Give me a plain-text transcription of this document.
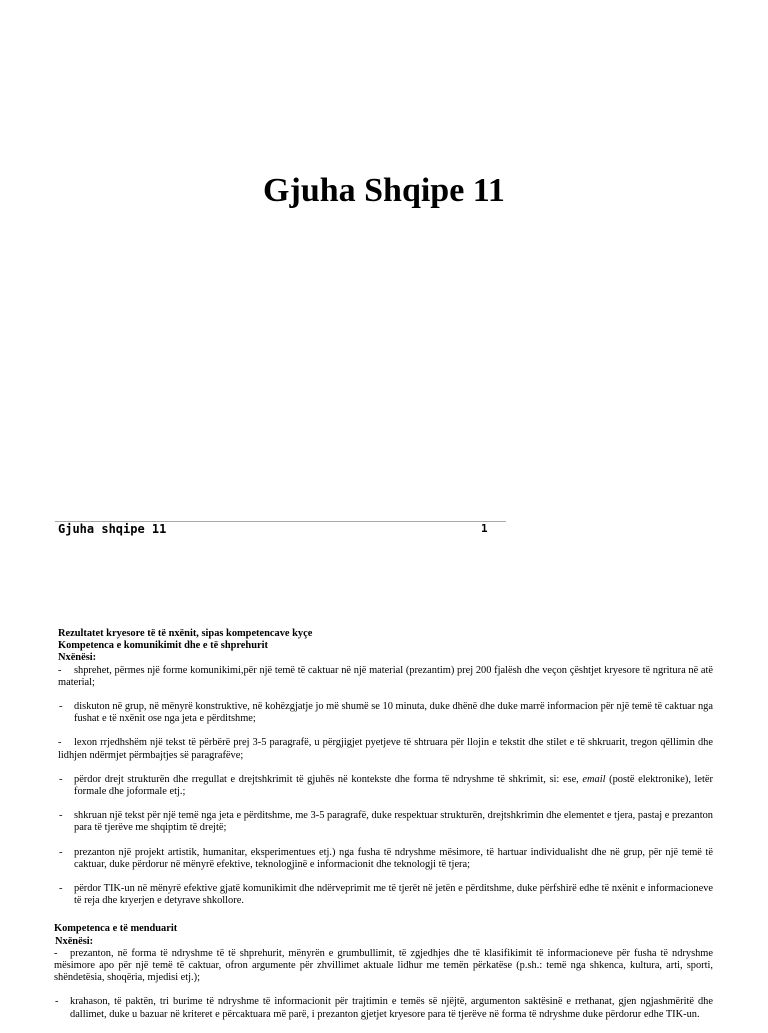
Gjuha Shqipe 11
Gjuha shqipe 11	1

Rezultatet kryesore të të nxënit, sipas kompetencave kyçe

Kompetenca e komunikimit dhe e të shprehurit

Nxënësi:

- shprehet, përmes një forme komunikimi,për një temë të caktuar në një material (prezantim) prej 200 fjalësh dhe veçon çështjet kryesore të ngritura në atë material;

- diskuton në grup, në mënyrë konstruktive, në kohëzgjatje jo më shumë se 10 minuta, duke dhënë dhe duke marrë informacion për një temë të caktuar nga fushat e të nxënit ose nga jeta e përditshme;

- lexon rrjedhshëm një tekst të përbërë prej 3-5 paragrafë, u përgjigjet pyetjeve të shtruara për llojin e tekstit dhe stilet e të shkruarit, tregon qëllimin dhe lidhjen ndërmjet përmbajtjes së paragrafëve;

- përdor drejt strukturën dhe rregullat e drejtshkrimit të gjuhës në kontekste dhe forma të ndryshme të shkrimit, si: ese, email (postë elektronike), letër formale dhe joformale etj.;

- shkruan një tekst për një temë nga jeta e përditshme, me 3-5 paragrafë, duke respektuar strukturën, drejtshkrimin dhe elementet e tjera, pastaj e prezanton para të tjerëve me shqiptim të drejtë;

- prezanton një projekt artistik, humanitar, eksperimentues etj.) nga fusha të ndryshme mësimore, të hartuar individualisht dhe në grup, për një temë të caktuar, duke përdorur në mënyrë efektive, teknologjinë e informacionit dhe teknologji të tjera;

- përdor TIK-un në mënyrë efektive gjatë komunikimit dhe ndërveprimit me të tjerët në jetën e përditshme, duke përfshirë edhe të nxënit e informacioneve të reja dhe kryerjen e detyrave shkollore.

Kompetenca e të menduarit

Nxënësi:

- prezanton, në forma të ndryshme të të shprehurit, mënyrën e grumbullimit, të zgjedhjes dhe të klasifikimit të informacioneve për fusha të ndryshme mësimore apo për një temë të caktuar, ofron argumente për zhvillimet aktuale lidhur me temën përkatëse (p.sh.: temë nga shkenca, kultura, arti, sporti, shëndetësia, shoqëria, mjedisi etj.);

- krahason, të paktën, tri burime të ndryshme të informacionit për trajtimin e temës së njëjtë, argumenton saktësinë e rrethanat, gjen ngjashmëritë dhe dallimet, duke u bazuar në kriteret e përcaktuara më parë, i prezanton gjetjet kryesore para të tjerëve në forma të ndryshme duke përdorur edhe TIK-un.
